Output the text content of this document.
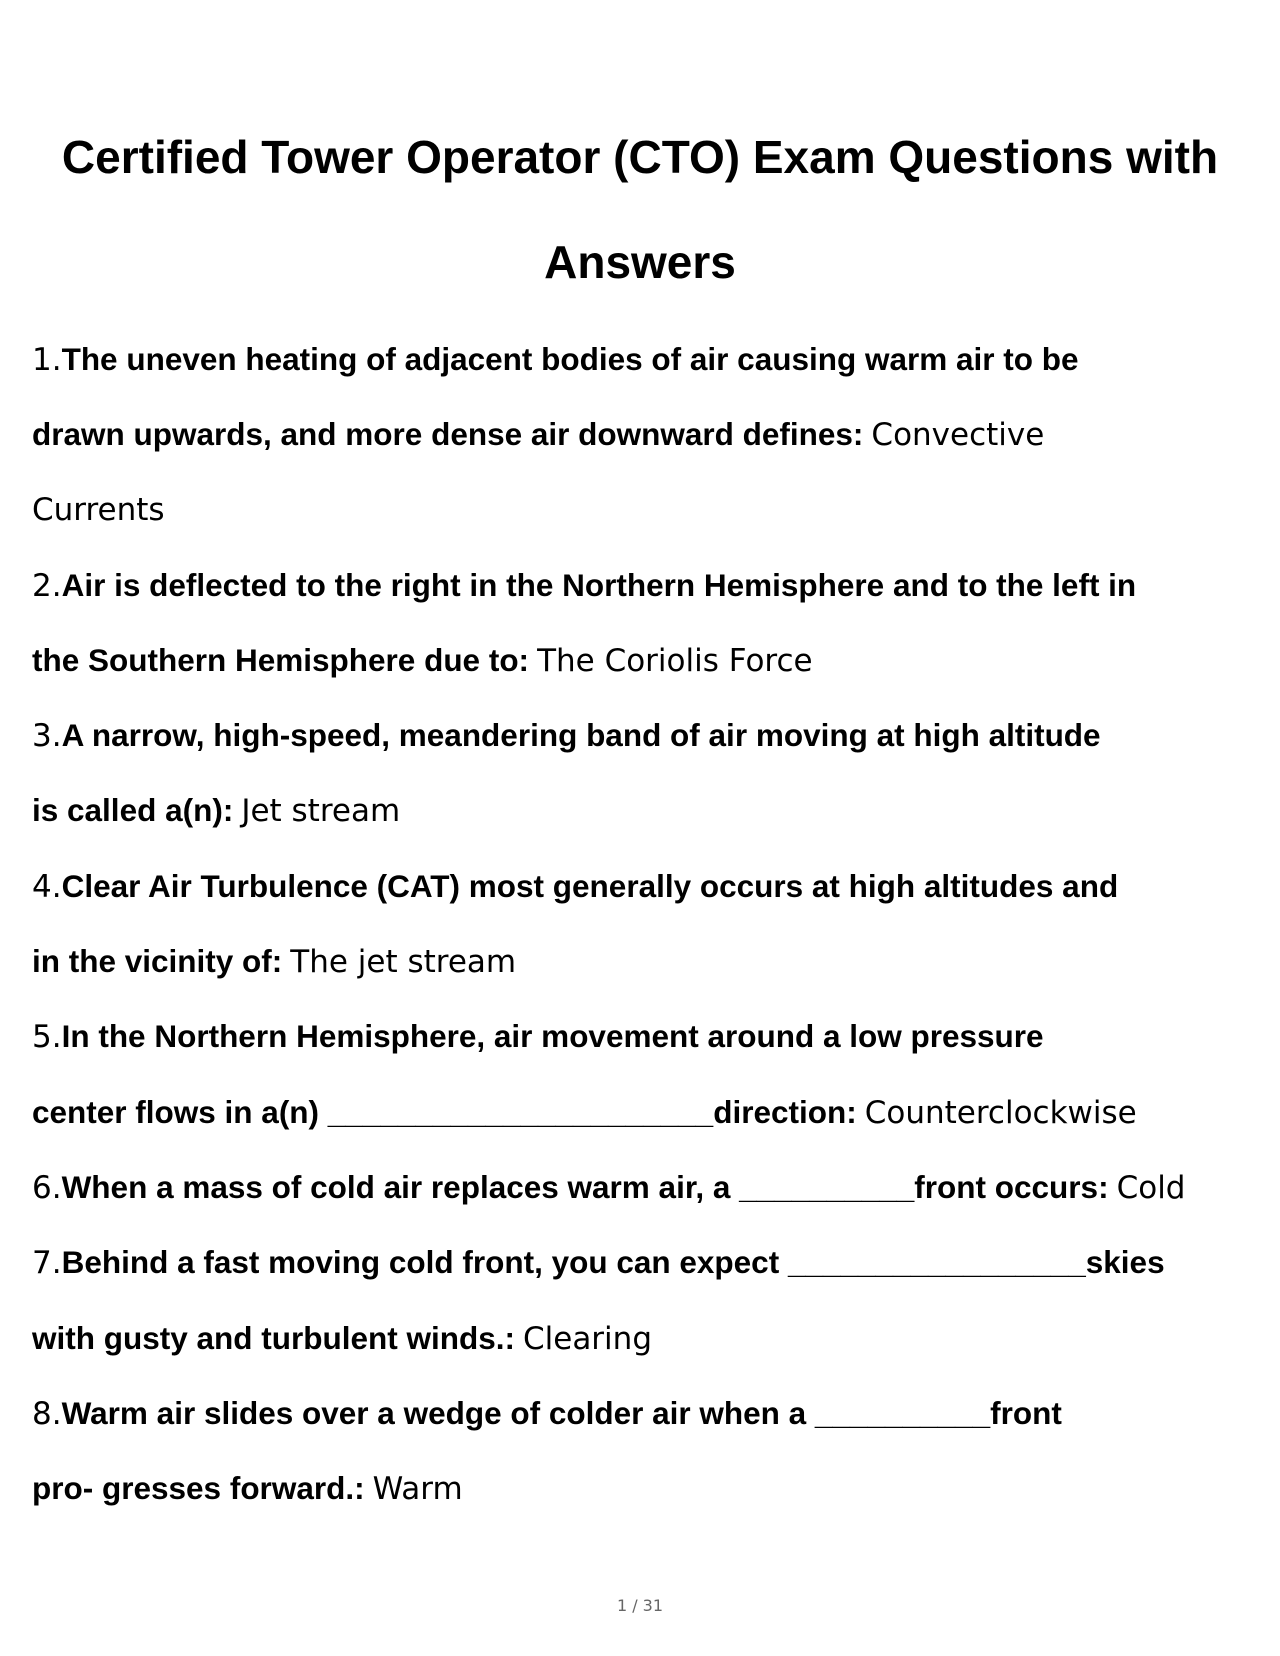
Certified Tower Operator (CTO) Exam Questions with
Answers
1.The uneven heating of adjacent bodies of air causing warm air to be
drawn upwards, and more dense air downward defines: Convective
Currents
2.Air is deflected to the right in the Northern Hemisphere and to the left in
the Southern Hemisphere due to: The Coriolis Force
3.A narrow, high-speed, meandering band of air moving at high altitude
is called a(n): Jet stream
4.Clear Air Turbulence (CAT) most generally occurs at high altitudes and
in the vicinity of: The jet stream
5.In the Northern Hemisphere, air movement around a low pressure
center flows in a(n) ______________________direction: Counterclockwise
6.When a mass of cold air replaces warm air, a __________front occurs: Cold
7.Behind a fast moving cold front, you can expect _________________skies
with gusty and turbulent winds.: Clearing
8.Warm air slides over a wedge of colder air when a __________front
pro- gresses forward.: Warm
1 / 31
